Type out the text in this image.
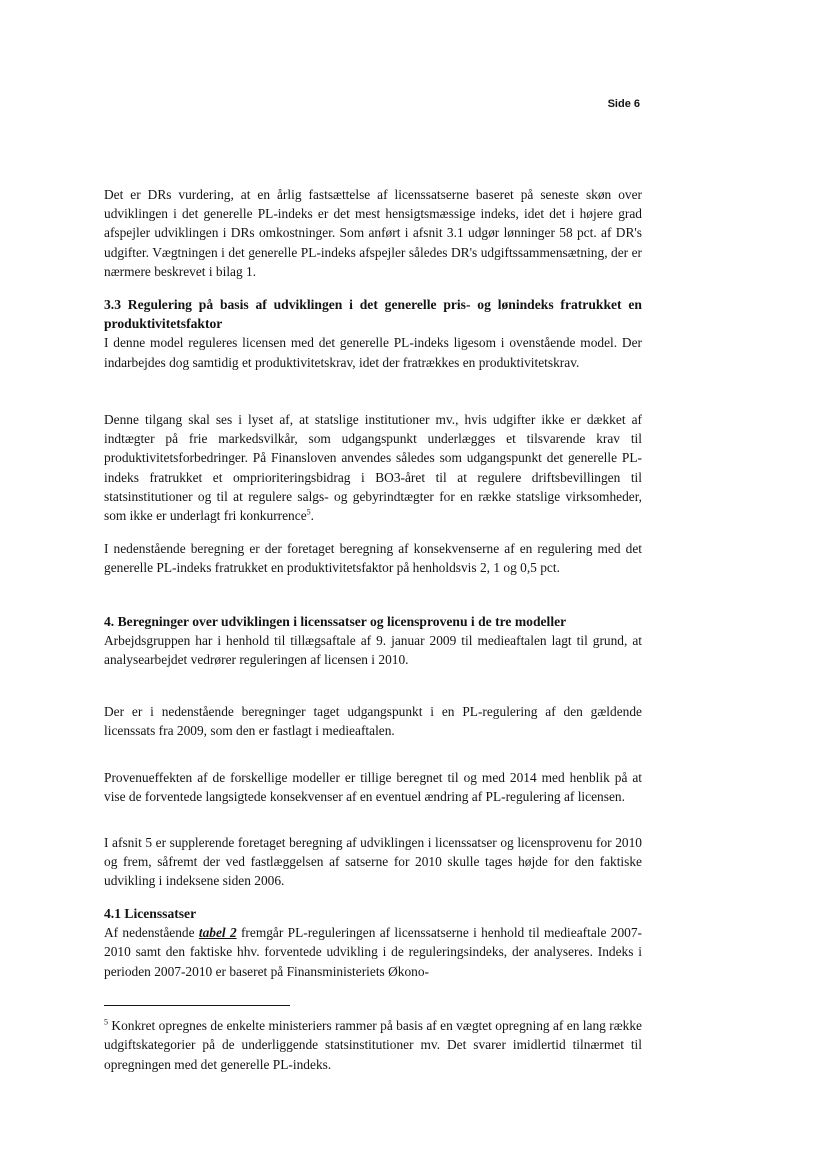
Side 6

Det er DRs vurdering, at en årlig fastsættelse af licenssatserne baseret på seneste skøn over udviklingen i det generelle PL-indeks er det mest hensigtsmæssige indeks, idet det i højere grad afspejler udviklingen i DRs omkostninger. Som anført i afsnit 3.1 udgør lønninger 58 pct. af DR's udgifter. Vægtningen i det generelle PL-indeks afspejler således DR's udgiftssammensætning, der er nærmere beskrevet i bilag 1.

3.3 Regulering på basis af udviklingen i det generelle pris- og lønindeks fratrukket en produktivitetsfaktor

I denne model reguleres licensen med det generelle PL-indeks ligesom i ovenstående model. Der indarbejdes dog samtidig et produktivitetskrav, idet der fratrækkes en produktivitetskrav.

Denne tilgang skal ses i lyset af, at statslige institutioner mv., hvis udgifter ikke er dækket af indtægter på frie markedsvilkår, som udgangspunkt underlægges et tilsvarende krav til produktivitetsforbedringer. På Finansloven anvendes således som udgangspunkt det generelle PL-indeks fratrukket et omprioriteringsbidrag i BO3-året til at regulere driftsbevillingen til statsinstitutioner og til at regulere salgs- og gebyrindtægter for en række statslige virksomheder, som ikke er underlagt fri konkurrence$^5$.

I nedenstående beregning er der foretaget beregning af konsekvenserne af en regulering med det generelle PL-indeks fratrukket en produktivitetsfaktor på henholdsvis 2, 1 og 0,5 pct.

4. Beregninger over udviklingen i licenssatser og licensprovenu i de tre modeller

Arbejdsgruppen har i henhold til tillægsaftale af 9. januar 2009 til medieaftalen lagt til grund, at analysearbejdet vedrører reguleringen af licensen i 2010.

Der er i nedenstående beregninger taget udgangspunkt i en PL-regulering af den gældende licenssats fra 2009, som den er fastlagt i medieaftalen.

Provenueffekten af de forskellige modeller er tillige beregnet til og med 2014 med henblik på at vise de forventede langsigtede konsekvenser af en eventuel ændring af PL-regulering af licensen.

I afsnit 5 er supplerende foretaget beregning af udviklingen i licenssatser og licensprovenu for 2010 og frem, såfremt der ved fastlæggelsen af satserne for 2010 skulle tages højde for den faktiske udvikling i indeksene siden 2006.

4.1 Licenssatser

Af nedenstående tabel 2 fremgår PL-reguleringen af licenssatserne i henhold til medieaftale 2007-2010 samt den faktiske hhv. forventede udvikling i de reguleringsindeks, der analyseres. Indeks i perioden 2007-2010 er baseret på Finansministeriets Økono-

$^5$ Konkret opregnes de enkelte ministeriers rammer på basis af en vægtet opregning af en lang række udgiftskategorier på de underliggende statsinstitutioner mv. Det svarer imidlertid tilnærmet til opregningen med det generelle PL-indeks.
